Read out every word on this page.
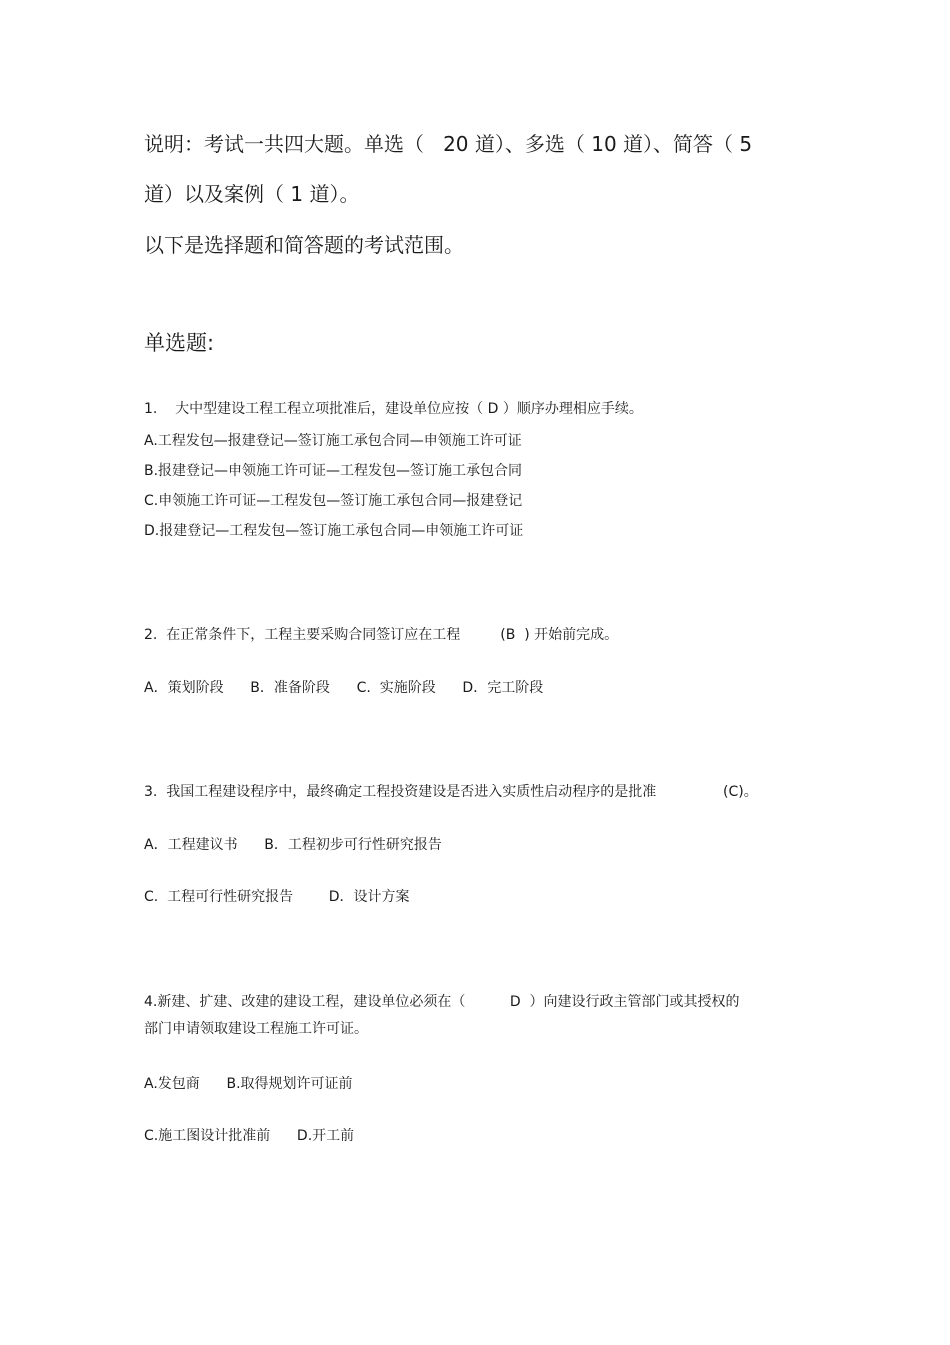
说明：考试一共四大题。单选（   20 道）、多选（ 10 道）、简答（ 5
道）以及案例（ 1 道）。
以下是选择题和简答题的考试范围。
单选题:
1.    大中型建设工程工程立项批准后，建设单位应按（ D ）顺序办理相应手续。
A.工程发包—报建登记—签订施工承包合同—申领施工许可证
B.报建登记—申领施工许可证—工程发包—签订施工承包合同
C.申领施工许可证—工程发包—签订施工承包合同—报建登记
D.报建登记—工程发包—签订施工承包合同—申领施工许可证
2.  在正常条件下，工程主要采购合同签订应在工程         (B  ) 开始前完成。
A．策划阶段      B．准备阶段      C.  实施阶段      D．完工阶段
3.  我国工程建设程序中，最终确定工程投资建设是否进入实质性启动程序的是批准               (C)。
A．工程建议书      B．工程初步可行性研究报告
C.  工程可行性研究报告        D．设计方案
4.新建、扩建、改建的建设工程，建设单位必须在（          D  ）向建设行政主管部门或其授权的
部门申请领取建设工程施工许可证。
A.发包商      B.取得规划许可证前
C.施工图设计批准前      D.开工前
